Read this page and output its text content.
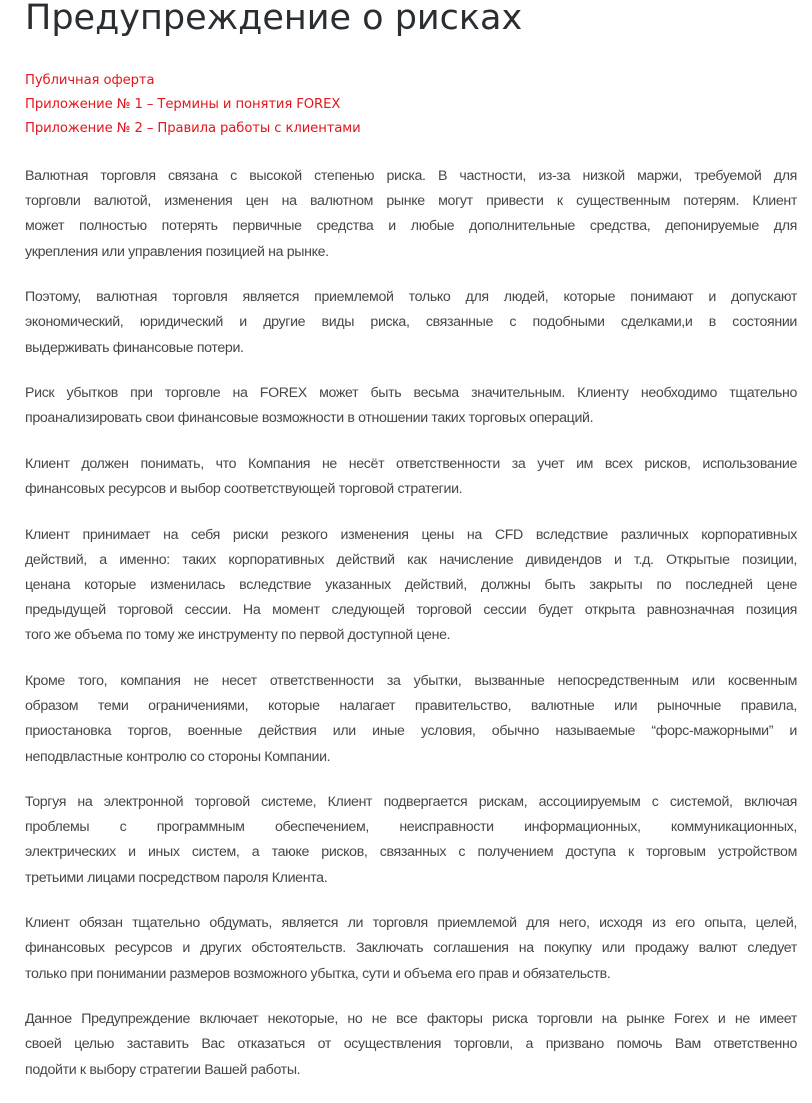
Предупреждение о рисках
Публичная оферта
Приложение № 1 – Термины и понятия FOREX
Приложение № 2 – Правила работы с клиентами

Валютная торговля связана с высокой степенью риска. В частности, из-за низкой маржи, требуемой для
торговли валютой, изменения цен на валютном рынке могут привести к существенным потерям. Клиент
может полностью потерять первичные средства и любые дополнительные средства, депонируемые для
укрепления или управления позицией на рынке.

Поэтому, валютная торговля является приемлемой только для людей, которые понимают и допускают
экономический, юридический и другие виды риска, связанные с подобными сделками,и в состоянии
выдерживать финансовые потери.

Риск убытков при торговле на FOREX может быть весьма значительным. Клиенту необходимо тщательно
проанализировать свои финансовые возможности в отношении таких торговых операций.

Клиент должен понимать, что Компания не несёт ответственности за учет им всех рисков, использование
финансовых ресурсов и выбор соответствующей торговой стратегии.

Клиент принимает на себя риски резкого изменения цены на CFD вследствие различных корпоративных
действий, а именно: таких корпоративных действий как начисление дивидендов и т.д. Открытые позиции,
ценана которые изменилась вследствие указанных действий, должны быть закрыты по последней цене
предыдущей торговой сессии. На момент следующей торговой сессии будет открыта равнозначная позиция
того же объема по тому же инструменту по первой доступной цене.

Кроме того, компания не несет ответственности за убытки, вызванные непосредственным или косвенным
образом теми ограничениями, которые налагает правительство, валютные или рыночные правила,
приостановка торгов, военные действия или иные условия, обычно называемые “форс-мажорными” и
неподвластные контролю со стороны Компании.

Торгуя на электронной торговой системе, Клиент подвергается рискам, ассоциируемым с системой, включая
проблемы с программным обеспечением, неисправности информационных, коммуникационных,
электрических и иных систем, а таюке рисков, связанных с получением доступа к торговым устройством
третьими лицами посредством пароля Клиента.

Клиент обязан тщательно обдумать, является ли торговля приемлемой для него, исходя из его опыта, целей,
финансовых ресурсов и других обстоятельств. Заключать соглашения на покупку или продажу валют следует
только при понимании размеров возможного убытка, сути и объема его прав и обязательств.

Данное Предупреждение включает некоторые, но не все факторы риска торговли на рынке Forex и не имеет
своей целью заставить Вас отказаться от осуществления торговли, а призвано помочь Вам ответственно
подойти к выбору стратегии Вашей работы.
